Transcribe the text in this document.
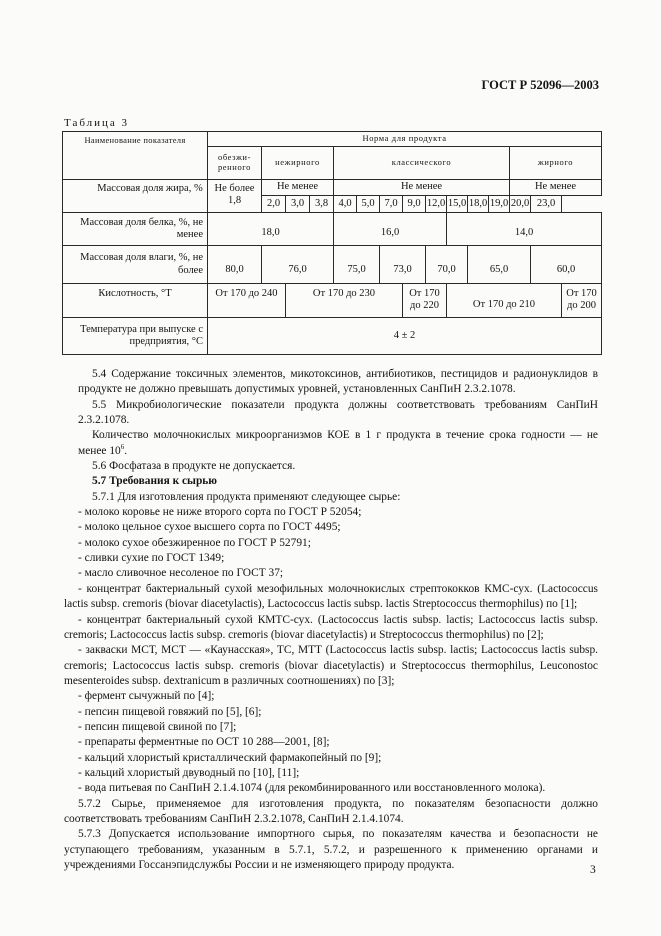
ГОСТ Р 52096—2003
Таблица 3
Наименование показателя	Норма для продукта														
	обезжи-ренного	нежирного			классического								жирного		
Массовая доля жира, %	Не более 1,8	Не менее			Не менее								Не менее		
		2,0	3,0	3,8	4,0	5,0	7,0	9,0	12,0	15,0	18,0	19,0	20,0	23,0	
Массовая доля белка, %, не менее	18,0				16,0					14,0					
Массовая доля влаги, %, не более	80,0	76,0			75,0		73,0		70,0		65,0			60,0	
Кислотность, °Т	От 170 до 240		От 170 до 230					От 170 до 220		От 170 до 210					От 170 до 200
Температура при выпуске с предприятия, °С	4 ± 2														

5.4 Содержание токсичных элементов, микотоксинов, антибиотиков, пестицидов и радионуклидов в продукте не должно превышать допустимых уровней, установленных СанПиН 2.3.2.1078.

5.5 Микробиологические показатели продукта должны соответствовать требованиям СанПиН 2.3.2.1078.

Количество молочнокислых микроорганизмов КОЕ в 1 г продукта в течение срока годности — не менее $10^6$.

5.6 Фосфатаза в продукте не допускается.

5.7 Требования к сырью

5.7.1 Для изготовления продукта применяют следующее сырье:

- молоко коровье не ниже второго сорта по ГОСТ Р 52054;

- молоко цельное сухое высшего сорта по ГОСТ 4495;

- молоко сухое обезжиренное по ГОСТ Р 52791;

- сливки сухие по ГОСТ 1349;

- масло сливочное несоленое по ГОСТ 37;

- концентрат бактериальный сухой мезофильных молочнокислых стрептококков КМС-сух. (Lactococcus lactis subsp. cremoris (biovar diacetylactis), Lactococcus lactis subsp. lactis Streptococcus thermophilus) по [1];

- концентрат бактериальный сухой КМТС-сух. (Lactococcus lactis subsp. lactis; Lactococcus lactis subsp. cremoris; Lactococcus lactis subsp. cremoris (biovar diacetylactis) и Streptococcus thermophilus) по [2];

- закваски МСТ, МСТ — «Каунасская», ТС, МТТ (Lactococcus lactis subsp. lactis; Lactococcus lactis subsp. cremoris; Lactococcus lactis subsp. cremoris (biovar diacetylactis) и Streptococcus thermophilus, Leuconostoc mesenteroides subsp. dextranicum в различных соотношениях) по [3];

- фермент сычужный по [4];

- пепсин пищевой говяжий по [5], [6];

- пепсин пищевой свиной по [7];

- препараты ферментные по ОСТ 10 288—2001, [8];

- кальций хлористый кристаллический фармакопейный по [9];

- кальций хлористый двуводный по [10], [11];

- вода питьевая по СанПиН 2.1.4.1074 (для рекомбинированного или восстановленного молока).

5.7.2 Сырье, применяемое для изготовления продукта, по показателям безопасности должно соответствовать требованиям СанПиН 2.3.2.1078, СанПиН 2.1.4.1074.

5.7.3 Допускается использование импортного сырья, по показателям качества и безопасности не уступающего требованиям, указанным в 5.7.1, 5.7.2, и разрешенного к применению органами и учреждениями Госсанэпидслужбы России и не изменяющего природу продукта.	3
